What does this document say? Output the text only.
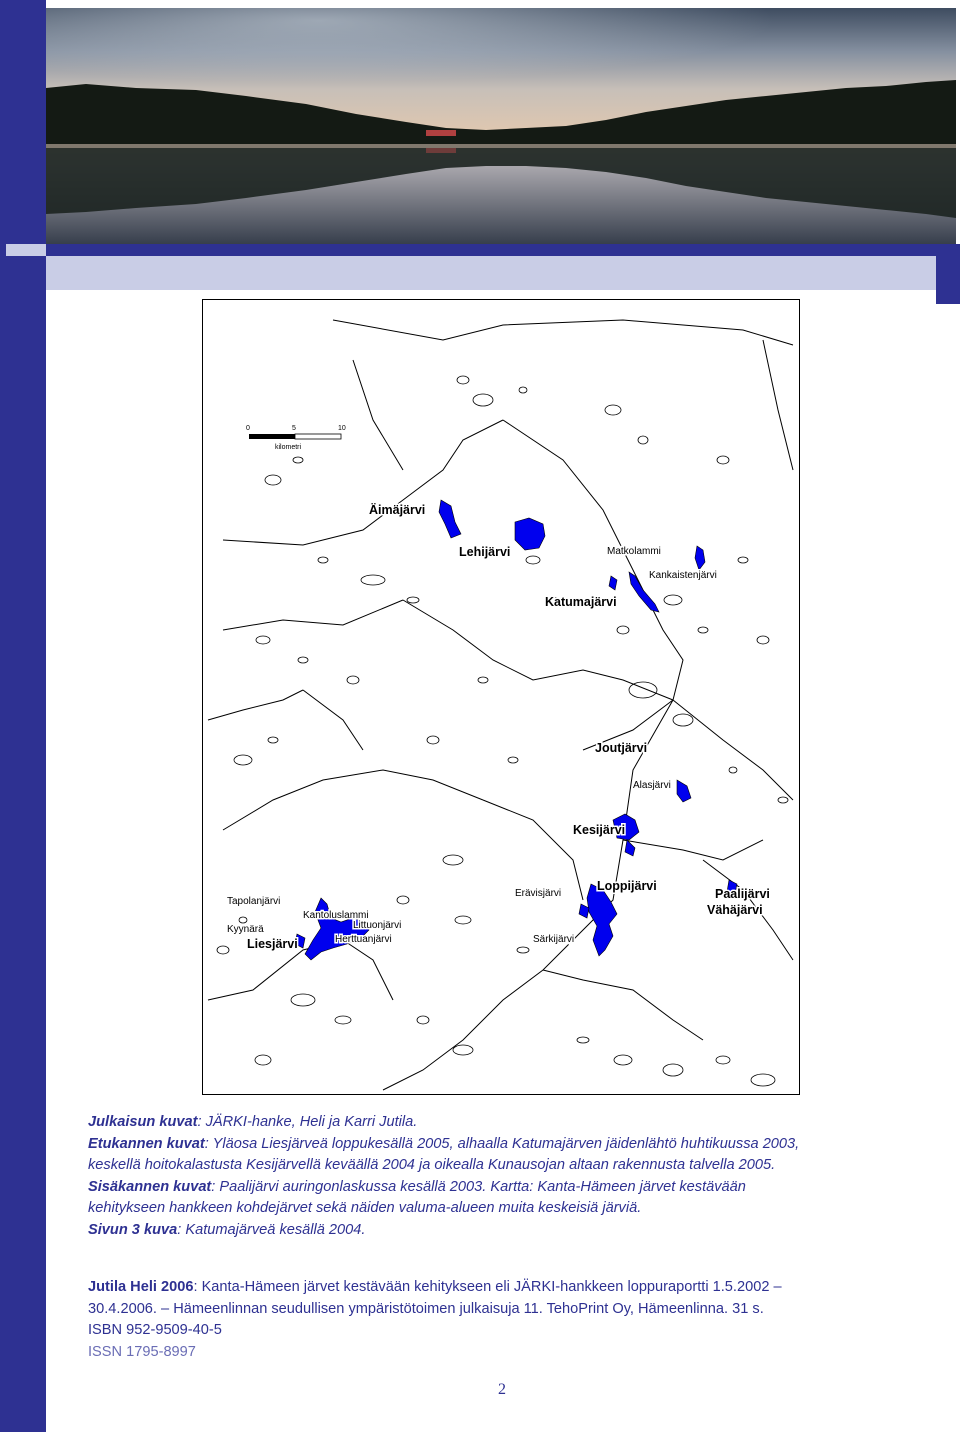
0	5	10
kilometri
Äimäjärvi
Lehijärvi	Matkolammi
Kankaistenjärvi
Katumajärvi
Joutjärvi
Alasjärvi
Kesijärvi
Erävisjärvi
Loppijärvi
Paalijärvi
Vähäjärvi
Särkijärvi
Tapolanjärvi
Kantoluslammi
Littuonjärvi
Kyynärä
Herttuanjärvi
Liesjärvi
Julkaisun kuvat: JÄRKI-hanke, Heli ja Karri Jutila.
Etukannen kuvat: Yläosa Liesjärveä loppukesällä 2005, alhaalla Katumajärven jäidenlähtö huhtikuussa 2003,
keskellä hoitokalastusta Kesijärvellä keväällä 2004 ja oikealla Kunausojan altaan rakennusta talvella 2005.
Sisäkannen kuvat: Paalijärvi auringonlaskussa kesällä 2003. Kartta: Kanta-Hämeen järvet kestävään
kehitykseen hankkeen kohdejärvet sekä näiden valuma-alueen muita keskeisiä järviä.
Sivun 3 kuva: Katumajärveä kesällä 2004.
Jutila Heli 2006: Kanta-Hämeen järvet kestävään kehitykseen eli JÄRKI-hankkeen loppuraportti 1.5.2002 –
30.4.2006. – Hämeenlinnan seudullisen ympäristötoimen julkaisuja 11. TehoPrint Oy, Hämeenlinna. 31 s.
ISBN 952-9509-40-5
ISSN 1795-8997
2
